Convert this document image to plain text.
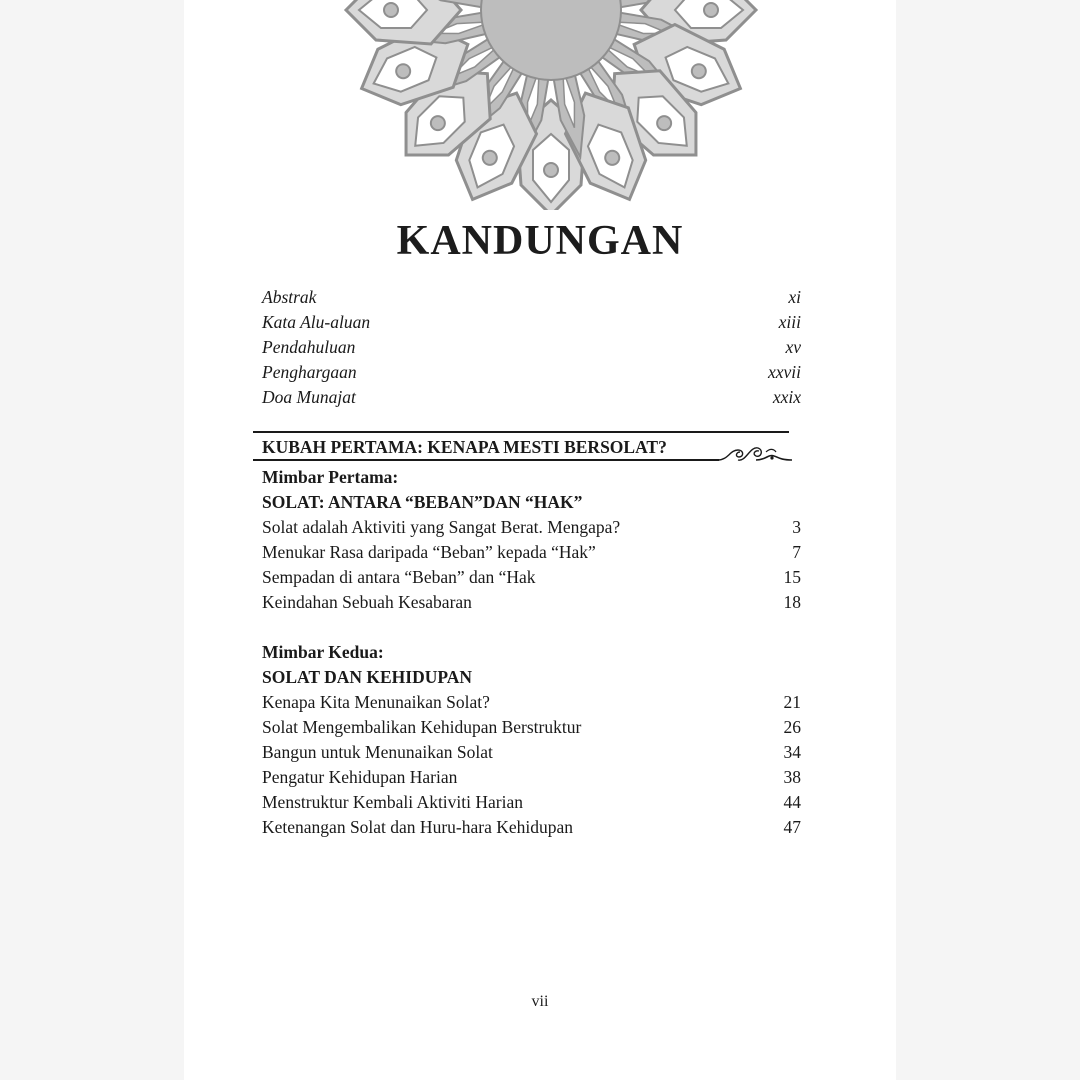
KANDUNGAN
Abstrak	xi
Kata Alu-aluan	xiii
Pendahuluan	xv
Penghargaan	xxvii
Doa Munajat	xxix
KUBAH PERTAMA: KENAPA MESTI BERSOLAT?
Mimbar Pertama:
SOLAT: ANTARA “BEBAN”DAN “HAK”
Solat adalah Aktiviti yang Sangat Berat. Mengapa?	3
Menukar Rasa daripada “Beban” kepada “Hak”	7
Sempadan di antara “Beban” dan “Hak	15
Keindahan Sebuah Kesabaran	18
Mimbar Kedua:
SOLAT DAN KEHIDUPAN
Kenapa Kita Menunaikan Solat?	21
Solat Mengembalikan Kehidupan Berstruktur	26
Bangun untuk Menunaikan Solat	34
Pengatur Kehidupan Harian	38
Menstruktur Kembali Aktiviti Harian	44
Ketenangan Solat dan Huru-hara Kehidupan	47
vii
